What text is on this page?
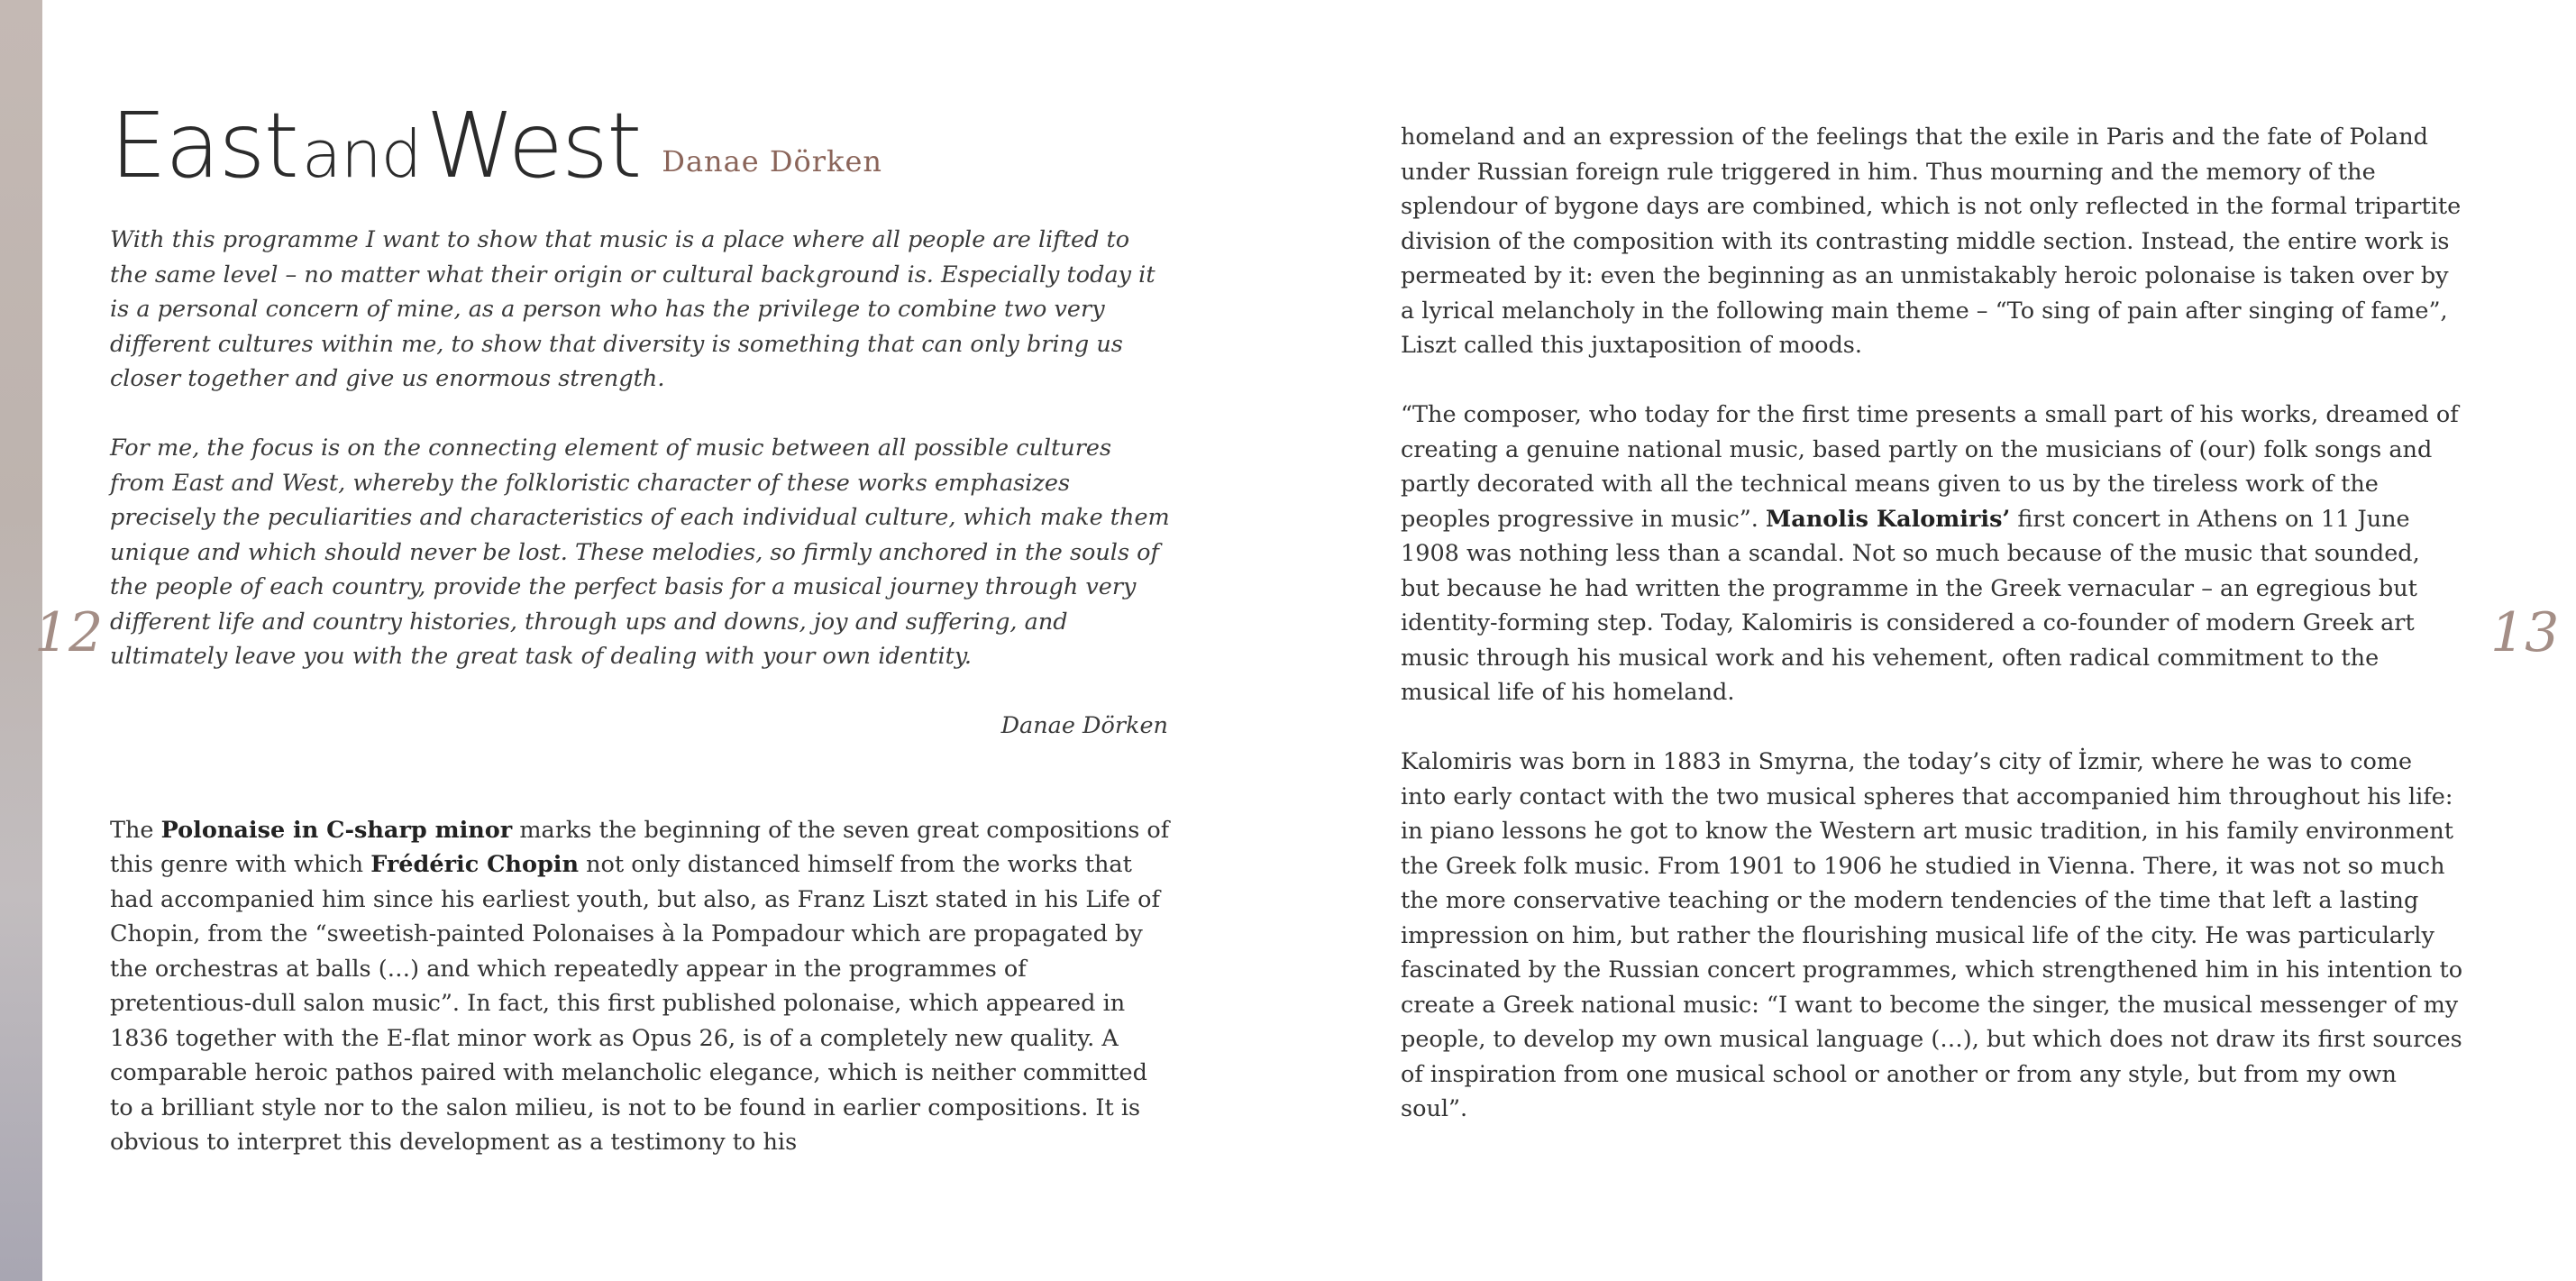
12	13
East and West Danae Dörken

With this programme I want to show that music is a place where all people are lifted to the same level – no matter what their origin or cultural background is. Especially today it is a personal concern of mine, as a person who has the privilege to combine two very different cultures within me, to show that diversity is something that can only bring us closer together and give us enormous strength.

For me, the focus is on the connecting element of music between all possible cultures from East and West, whereby the folkloristic character of these works emphasizes precisely the peculiarities and characteristics of each individual culture, which make them unique and which should never be lost. These melodies, so firmly anchored in the souls of the people of each country, provide the perfect basis for a musical journey through very different life and country histories, through ups and downs, joy and suffering, and ultimately leave you with the great task of dealing with your own identity.

Danae Dörken

The Polonaise in C-sharp minor marks the beginning of the seven great compositions of this genre with which Frédéric Chopin not only distanced himself from the works that had accompanied him since his earliest youth, but also, as Franz Liszt stated in his Life of Chopin, from the “sweetish-painted Polonaises à la Pompadour which are propagated by the orchestras at balls (…) and which repeatedly appear in the programmes of pretentious-dull salon music”. In fact, this first published polonaise, which appeared in 1836 together with the E-flat minor work as Opus 26, is of a completely new quality. A comparable heroic pathos paired with melancholic elegance, which is neither committed to a brilliant style nor to the salon milieu, is not to be found in earlier compositions. It is obvious to interpret this development as a testimony to his

homeland and an expression of the feelings that the exile in Paris and the fate of Poland under Russian foreign rule triggered in him. Thus mourning and the memory of the splendour of bygone days are combined, which is not only reflected in the formal tripartite division of the composition with its contrasting middle section. Instead, the entire work is permeated by it: even the beginning as an unmistakably heroic polonaise is taken over by a lyrical melancholy in the following main theme – “To sing of pain after singing of fame”, Liszt called this juxtaposition of moods.

“The composer, who today for the first time presents a small part of his works, dreamed of creating a genuine national music, based partly on the musicians of (our) folk songs and partly decorated with all the technical means given to us by the tireless work of the peoples progressive in music”. Manolis Kalomiris’ first concert in Athens on 11 June 1908 was nothing less than a scandal. Not so much because of the music that sounded, but because he had written the programme in the Greek vernacular – an egregious but identity-forming step. Today, Kalomiris is considered a co-founder of modern Greek art music through his musical work and his vehement, often radical commitment to the musical life of his homeland.

Kalomiris was born in 1883 in Smyrna, the today’s city of İzmir, where he was to come into early contact with the two musical spheres that accompanied him throughout his life: in piano lessons he got to know the Western art music tradition, in his family environment the Greek folk music. From 1901 to 1906 he studied in Vienna. There, it was not so much the more conservative teaching or the modern tendencies of the time that left a lasting impression on him, but rather the flourishing musical life of the city. He was particularly fascinated by the Russian concert programmes, which strengthened him in his intention to create a Greek national music: “I want to become the singer, the musical messenger of my people, to develop my own musical language (…), but which does not draw its first sources of inspiration from one musical school or another or from any style, but from my own soul”.
